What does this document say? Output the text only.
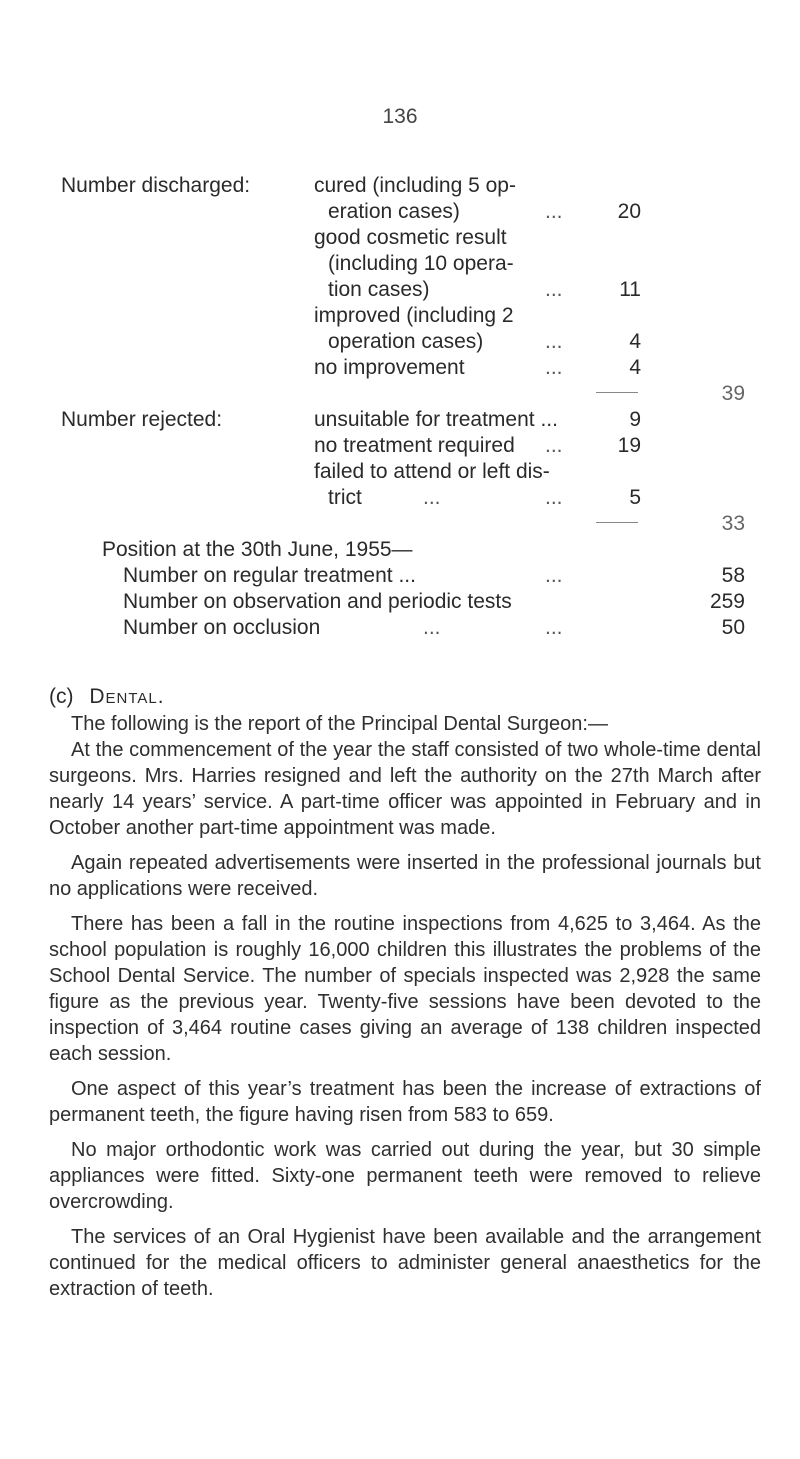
136
Number discharged:	cured (including 5 op-
eration cases)	...	20
good cosmetic result
(including 10 opera-
tion cases)	...	11
improved (including 2
operation cases)	...	4
no improvement	...	4
39
Number rejected:	unsuitable for treatment ...	9
no treatment required ...	19
failed to attend or left dis-
trict	...	...	5
33
Position at the 30th June, 1955—
Number on regular treatment ...	...	58
Number on observation and periodic tests	259
Number on occlusion	...	...	50
(c) Dental.

The following is the report of the Principal Dental Surgeon:—

At the commencement of the year the staff consisted of two whole-time dental surgeons. Mrs. Harries resigned and left the authority on the 27th March after nearly 14 years’ service. A part-time officer was appointed in February and in October another part-time appointment was made.

Again repeated advertisements were inserted in the professional journals but no applications were received.

There has been a fall in the routine inspections from 4,625 to 3,464. As the school population is roughly 16,000 children this illustrates the problems of the School Dental Service. The number of specials inspected was 2,928 the same figure as the previous year. Twenty-five sessions have been devoted to the inspection of 3,464 routine cases giving an average of 138 children inspected each session.

One aspect of this year’s treatment has been the increase of extractions of permanent teeth, the figure having risen from 583 to 659.

No major orthodontic work was carried out during the year, but 30 simple appliances were fitted. Sixty-one permanent teeth were removed to relieve overcrowding.

The services of an Oral Hygienist have been available and the arrangement continued for the medical officers to administer general anaesthetics for the extraction of teeth.
